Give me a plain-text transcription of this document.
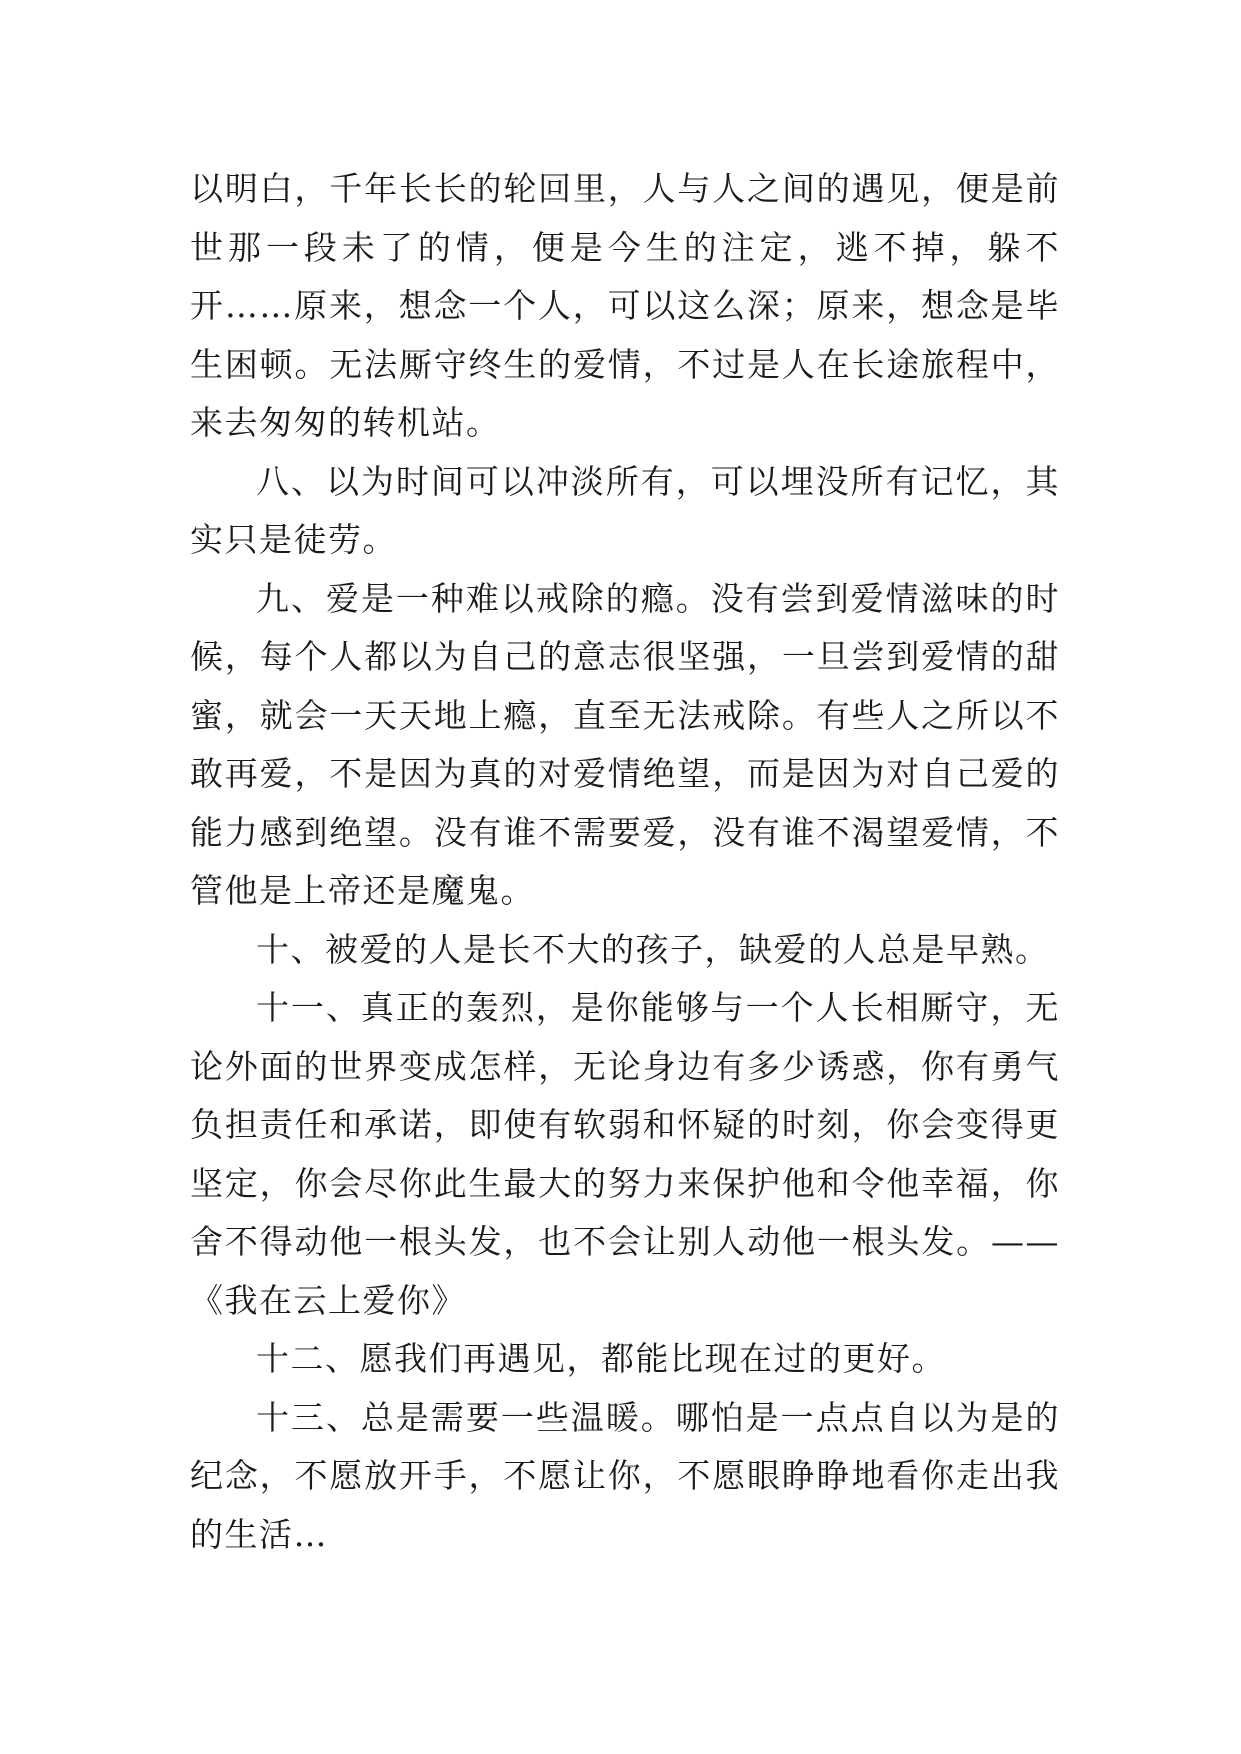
以明白，千年长长的轮回里，人与人之间的遇见，便是前世那一段未了的情，便是今生的注定，逃不掉，躲不开……原来，想念一个人，可以这么深；原来，想念是毕生困顿。无法厮守终生的爱情，不过是人在长途旅程中，来去匆匆的转机站。

八、以为时间可以冲淡所有，可以埋没所有记忆，其实只是徒劳。

九、爱是一种难以戒除的瘾。没有尝到爱情滋味的时候，每个人都以为自己的意志很坚强，一旦尝到爱情的甜蜜，就会一天天地上瘾，直至无法戒除。有些人之所以不敢再爱，不是因为真的对爱情绝望，而是因为对自己爱的能力感到绝望。没有谁不需要爱，没有谁不渴望爱情，不管他是上帝还是魔鬼。

十、被爱的人是长不大的孩子，缺爱的人总是早熟。

十一、真正的轰烈，是你能够与一个人长相厮守，无论外面的世界变成怎样，无论身边有多少诱惑，你有勇气负担责任和承诺，即使有软弱和怀疑的时刻，你会变得更坚定，你会尽你此生最大的努力来保护他和令他幸福，你舍不得动他一根头发，也不会让别人动他一根头发。—— 《我在云上爱你》

十二、愿我们再遇见，都能比现在过的更好。

十三、总是需要一些温暖。哪怕是一点点自以为是的纪念，不愿放开手，不愿让你，不愿眼睁睁地看你走出我的生活…
